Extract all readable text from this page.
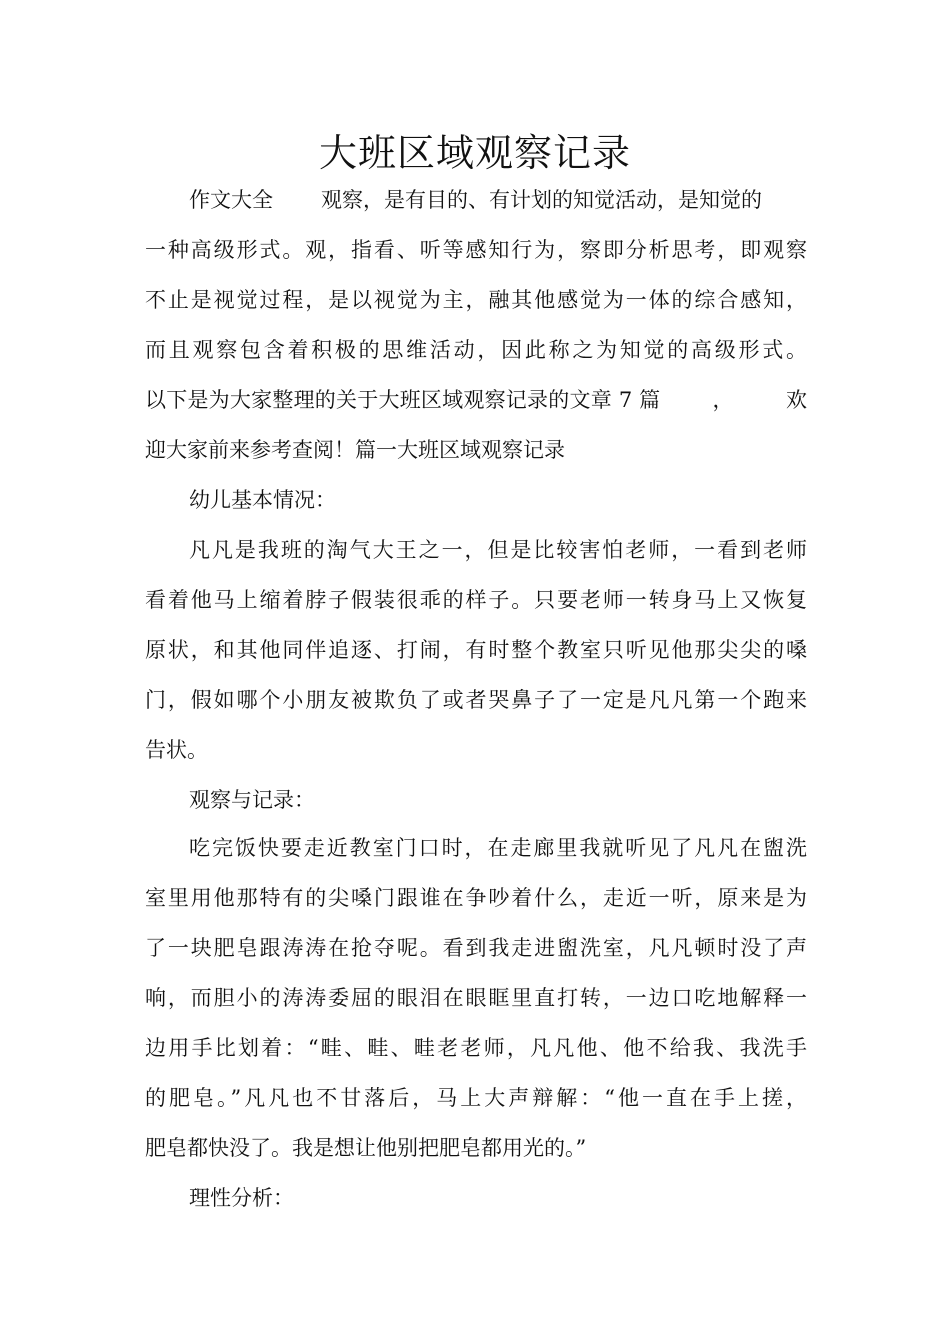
大班区域观察记录

作文大全 观察，是有目的、有计划的知觉活动，是知觉的

一种高级形式。观，指看、听等感知行为，察即分析思考，即观察

不止是视觉过程，是以视觉为主，融其他感觉为一体的综合感知，

而且观察包含着积极的思维活动，因此称之为知觉的高级形式。

以下是为大家整理的关于大班区域观察记录的文章 7 篇 ， 欢

迎大家前来参考查阅！篇一大班区域观察记录

幼儿基本情况：

凡凡是我班的淘气大王之一，但是比较害怕老师，一看到老师

看着他马上缩着脖子假装很乖的样子。只要老师一转身马上又恢复

原状，和其他同伴追逐、打闹，有时整个教室只听见他那尖尖的嗓

门，假如哪个小朋友被欺负了或者哭鼻子了一定是凡凡第一个跑来

告状。

观察与记录：

吃完饭快要走近教室门口时，在走廊里我就听见了凡凡在盥洗

室里用他那特有的尖嗓门跟谁在争吵着什么，走近一听，原来是为

了一块肥皂跟涛涛在抢夺呢。看到我走进盥洗室，凡凡顿时没了声

响，而胆小的涛涛委屈的眼泪在眼眶里直打转，一边口吃地解释一

边用手比划着：“畦、畦、畦老老师，凡凡他、他不给我、我洗手

的肥皂。”凡凡也不甘落后，马上大声辩解：“他一直在手上搓，

肥皂都快没了。我是想让他别把肥皂都用光的。”

理性分析：
